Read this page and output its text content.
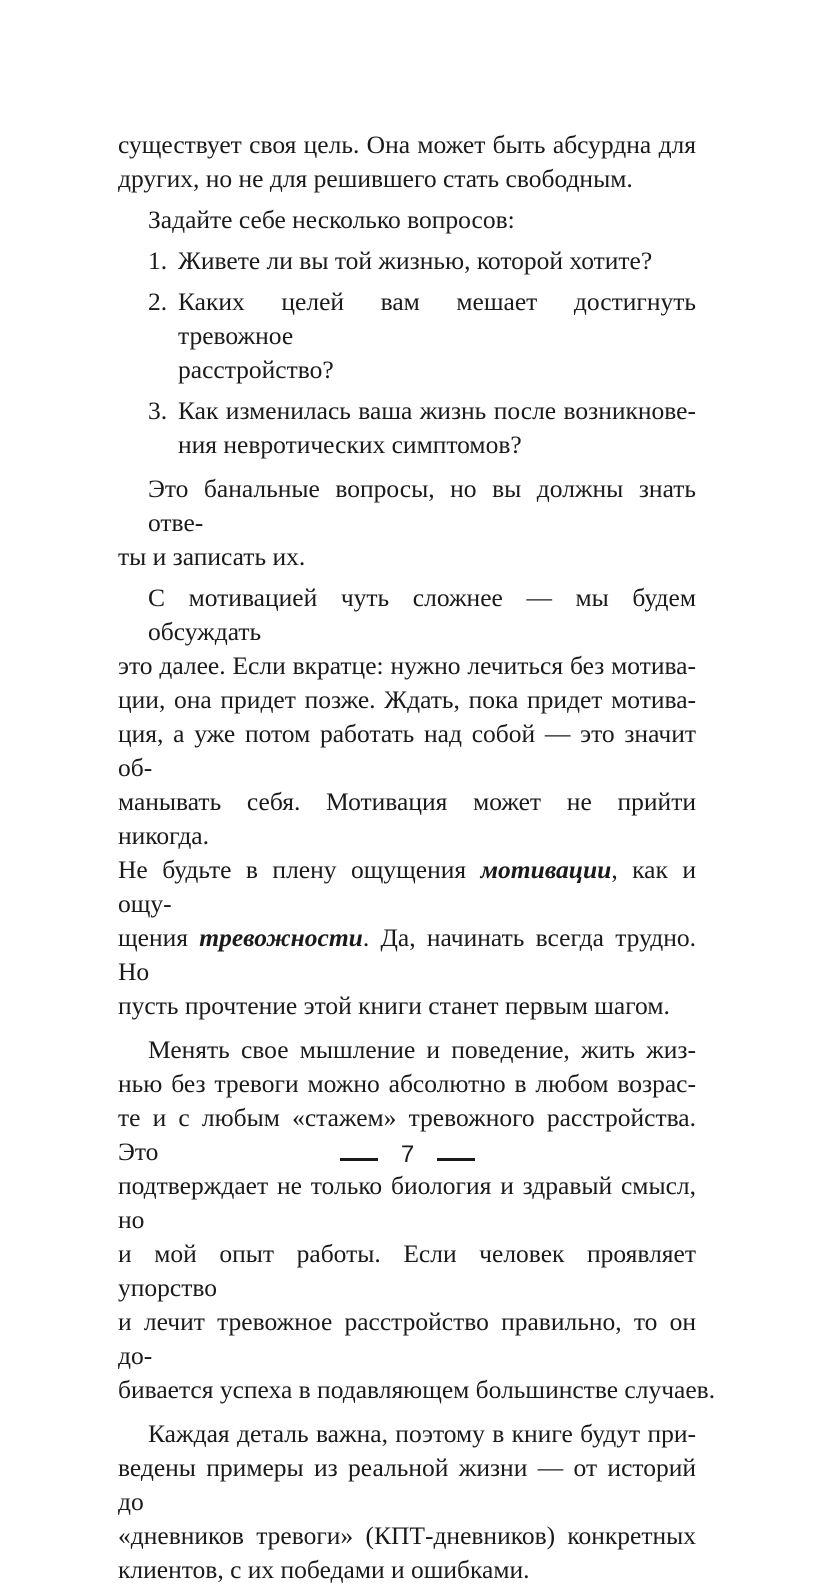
существует своя цель. Она может быть абсурдна для
других, но не для решившего стать свободным.
Задайте себе несколько вопросов:
1. Живете ли вы той жизнью, которой хотите?
2. Каких целей вам мешает достигнуть тревожное
расстройство?
3. Как изменилась ваша жизнь после возникнове-
ния невротических симптомов?
Это банальные вопросы, но вы должны знать отве-
ты и записать их.
С мотивацией чуть сложнее — мы будем обсуждать
это далее. Если вкратце: нужно лечиться без мотива-
ции, она придет позже. Ждать, пока придет мотива-
ция, а уже потом работать над собой — это значит об-
манывать себя. Мотивация может не прийти никогда.
Не будьте в плену ощущения мотивации, как и ощу-
щения тревожности. Да, начинать всегда трудно. Но
пусть прочтение этой книги станет первым шагом.
Менять свое мышление и поведение, жить жиз-
нью без тревоги можно абсолютно в любом возрас-
те и с любым «стажем» тревожного расстройства. Это
подтверждает не только биология и здравый смысл, но
и мой опыт работы. Если человек проявляет упорство
и лечит тревожное расстройство правильно, то он до-
бивается успеха в подавляющем большинстве случаев.
Каждая деталь важна, поэтому в книге будут при-
ведены примеры из реальной жизни — от историй до
«дневников тревоги» (КПТ-дневников) конкретных
клиентов, с их победами и ошибками.
7
